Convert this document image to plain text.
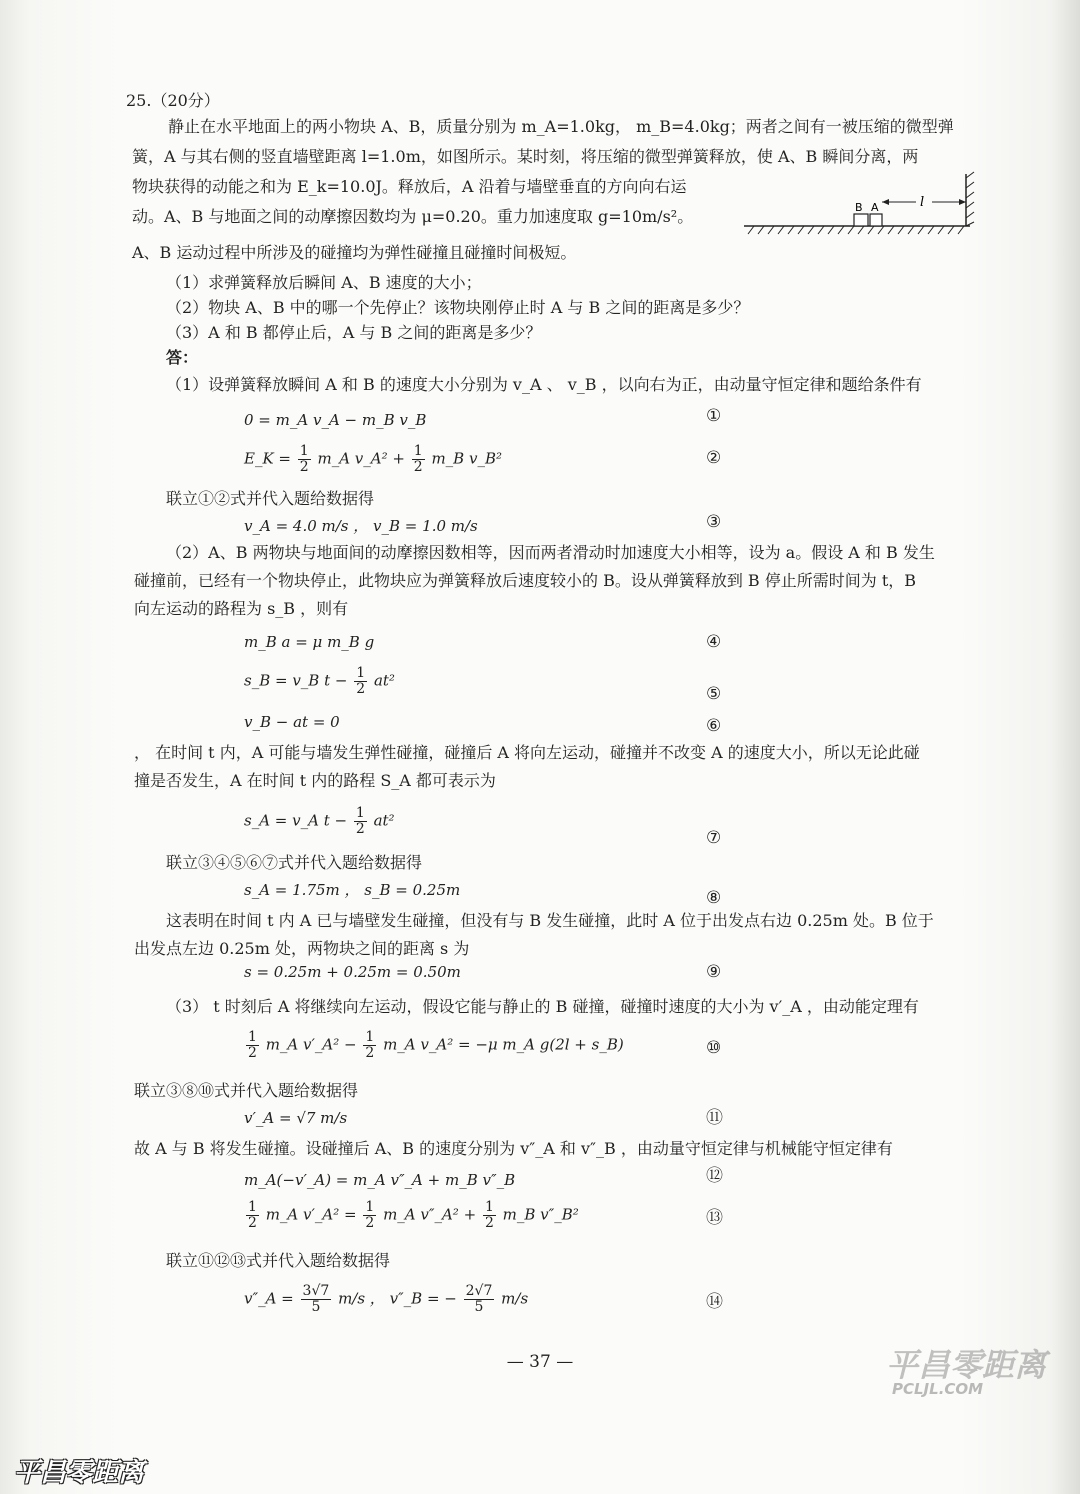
25.（20分）
静止在水平地面上的两小物块 A、B，质量分别为 m_A=1.0kg， m_B=4.0kg；两者之间有一被压缩的微型弹
簧，A 与其右侧的竖直墙壁距离 l=1.0m，如图所示。某时刻，将压缩的微型弹簧释放，使 A、B 瞬间分离，两
物块获得的动能之和为 E_k=10.0J。释放后，A 沿着与墙壁垂直的方向向右运
动。A、B 与地面之间的动摩擦因数均为 μ=0.20。重力加速度取 g=10m/s²。
A、B 运动过程中所涉及的碰撞均为弹性碰撞且碰撞时间极短。
B A	l
（1）求弹簧释放后瞬间 A、B 速度的大小；
（2）物块 A、B 中的哪一个先停止？该物块刚停止时 A 与 B 之间的距离是多少？
（3）A 和 B 都停止后，A 与 B 之间的距离是多少？
答：
（1）设弹簧释放瞬间 A 和 B 的速度大小分别为 v_A 、 v_B ，以向右为正，由动量守恒定律和题给条件有
0 = m_A v_A − m_B v_B	①
E_K = $\frac{1}{2}$ m_A v_A² + $\frac{1}{2}$ m_B v_B²	②
联立①②式并代入题给数据得
v_A = 4.0 m/s ， v_B = 1.0 m/s	③
（2）A、B 两物块与地面间的动摩擦因数相等，因而两者滑动时加速度大小相等，设为 a。假设 A 和 B 发生
碰撞前，已经有一个物块停止，此物块应为弹簧释放后速度较小的 B。设从弹簧释放到 B 停止所需时间为 t，B
向左运动的路程为 s_B ，则有
m_B a = μ m_B g	④
s_B = v_B $t - \frac{1}{2} at^2$
⑤
v_B − at = 0	⑥
， 在时间 t 内，A 可能与墙发生弹性碰撞，碰撞后 A 将向左运动，碰撞并不改变 A 的速度大小，所以无论此碰
撞是否发生，A 在时间 t 内的路程 S_A 都可表示为
s_A = v_A $t - \frac{1}{2} at^2$
⑦
联立③④⑤⑥⑦式并代入题给数据得
s_A = 1.75m ， s_B = 0.25m	⑧
这表明在时间 t 内 A 已与墙壁发生碰撞，但没有与 B 发生碰撞，此时 A 位于出发点右边 0.25m 处。B 位于
出发点左边 0.25m 处，两物块之间的距离 s 为
s = 0.25m + 0.25m = 0.50m	⑨
（3） t 时刻后 A 将继续向左运动，假设它能与静止的 B 碰撞，碰撞时速度的大小为 v′_A ，由动能定理有
$\frac{1}{2}$ m_A v′_A² − $\frac{1}{2}$ m_A v_A² = −μ m_A g(2l + s_B)	⑩
联立③⑧⑩式并代入题给数据得
v′_A = √7 m/s	⑪
故 A 与 B 将发生碰撞。设碰撞后 A、B 的速度分别为 v″_A 和 v″_B ，由动量守恒定律与机械能守恒定律有
m_A(−v′_A) = m_A v″_A + m_B v″_B	⑫
$\frac{1}{2}$ m_A v′_A² = $\frac{1}{2}$ m_A v″_A² + $\frac{1}{2}$ m_B v″_B²	⑬
联立⑪⑫⑬式并代入题给数据得
v″_A = $\frac{3√7}{5} m/s$ ， v″_B = − $\frac{2√7}{5} m/s$	⑭
— 37 —	平昌零距离
PCLJL.COM
平昌零距离
